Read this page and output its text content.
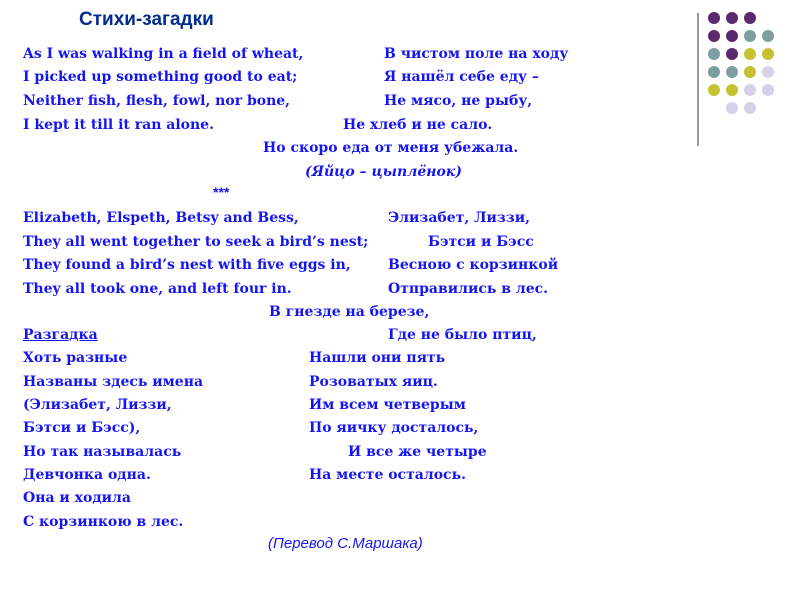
Стихи-загадки
As I was walking in a field of wheat,
I picked up something good to eat;
Neither fish, flesh, fowl, nor bone,
I kept it till it ran alone.
В чистом поле на ходу
Я нашёл себе еду –
Не мясо, не рыбу,
Не хлеб и не сало.
Но скоро еда от меня убежала.
(Яйцо – цыплёнок)
***
Elizabeth, Elspeth, Betsy and Bess,
They all went together to seek a bird’s nest;
They found a bird’s nest with five eggs in,
They all took one, and left four in.
Элизабет, Лиззи,
Бэтси и Бэсс
Весною с корзинкой
Отправились в лес.
В гнезде на березе,
Где не было птиц,
Нашли они пять
Розоватых яиц.
Им всем четверым
По яичку досталось,
И все же четыре
На месте осталось.
Разгадка
Хоть разные
Названы здесь имена
(Элизабет, Лиззи,
Бэтси и Бэсс),
Но так называлась
Девчонка одна.
Она и ходила
С корзинкою в лес.
(Перевод С.Маршака)
